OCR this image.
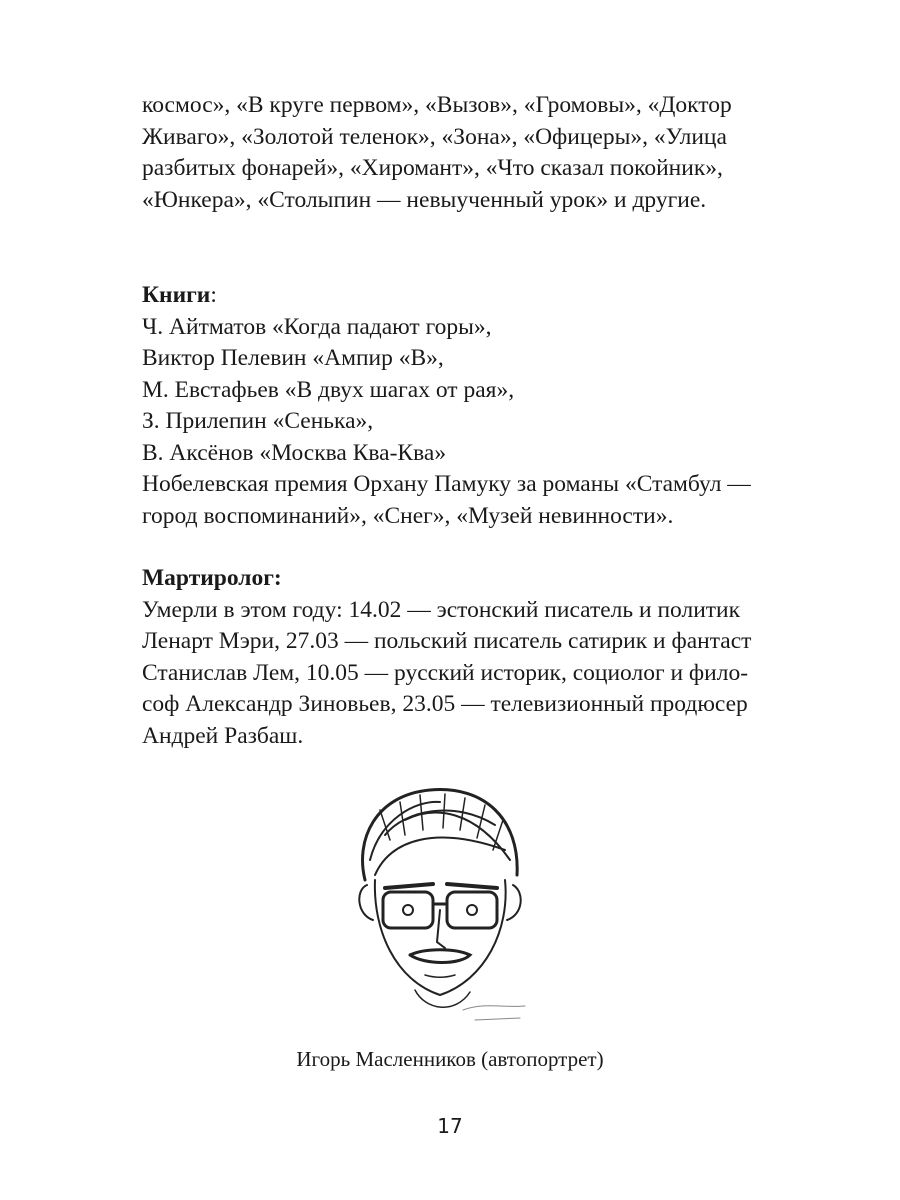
космос», «В круге первом», «Вызов», «Громовы», «Доктор
Живаго», «Золотой теленок», «Зона», «Офицеры», «Улица
разбитых фонарей», «Хиромант», «Что сказал покойник»,
«Юнкера», «Столыпин — невыученный урок» и другие.
Книги:
Ч. Айтматов «Когда падают горы»,
Виктор Пелевин «Ампир «В»,
М. Евстафьев «В двух шагах от рая»,
З. Прилепин «Сенька»,
В. Аксёнов «Москва Ква-Ква»
Нобелевская премия Орхану Памуку за романы «Стамбул —
город воспоминаний», «Снег», «Музей невинности».
Мартиролог:
Умерли в этом году: 14.02 — эстонский писатель и политик
Ленарт Мэри, 27.03 — польский писатель сатирик и фантаст
Станислав Лем, 10.05 — русский историк, социолог и фило-
соф Александр Зиновьев, 23.05 — телевизионный продюсер
Андрей Разбаш.
Игорь Масленников (автопортрет)
17
